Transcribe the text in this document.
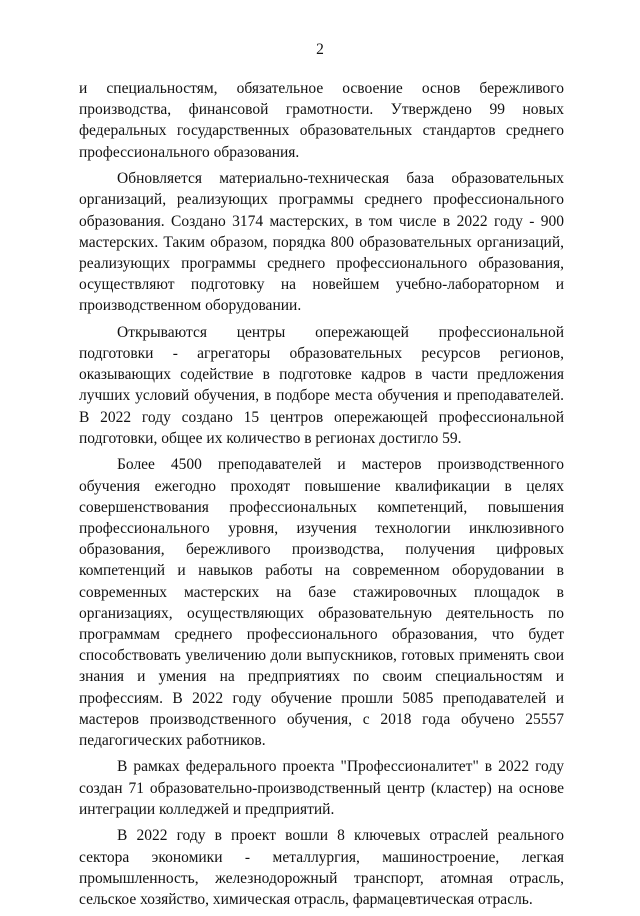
2

и специальностям, обязательное освоение основ бережливого производства, финансовой грамотности. Утверждено 99 новых федеральных государственных образовательных стандартов среднего профессионального образования.

Обновляется материально-техническая база образовательных организаций, реализующих программы среднего профессионального образования. Создано 3174 мастерских, в том числе в 2022 году - 900 мастерских. Таким образом, порядка 800 образовательных организаций, реализующих программы среднего профессионального образования, осуществляют подготовку на новейшем учебно-лабораторном и производственном оборудовании.

Открываются центры опережающей профессиональной подготовки - агрегаторы образовательных ресурсов регионов, оказывающих содействие в подготовке кадров в части предложения лучших условий обучения, в подборе места обучения и преподавателей. В 2022 году создано 15 центров опережающей профессиональной подготовки, общее их количество в регионах достигло 59.

Более 4500 преподавателей и мастеров производственного обучения ежегодно проходят повышение квалификации в целях совершенствования профессиональных компетенций, повышения профессионального уровня, изучения технологии инклюзивного образования, бережливого производства, получения цифровых компетенций и навыков работы на современном оборудовании в современных мастерских на базе стажировочных площадок в организациях, осуществляющих образовательную деятельность по программам среднего профессионального образования, что будет способствовать увеличению доли выпускников, готовых применять свои знания и умения на предприятиях по своим специальностям и профессиям. В 2022 году обучение прошли 5085 преподавателей и мастеров производственного обучения, с 2018 года обучено 25557 педагогических работников.

В рамках федерального проекта "Профессионалитет" в 2022 году создан 71 образовательно-производственный центр (кластер) на основе интеграции колледжей и предприятий.

В 2022 году в проект вошли 8 ключевых отраслей реального сектора экономики - металлургия, машиностроение, легкая промышленность, железнодорожный транспорт, атомная отрасль, сельское хозяйство, химическая отрасль, фармацевтическая отрасль.
